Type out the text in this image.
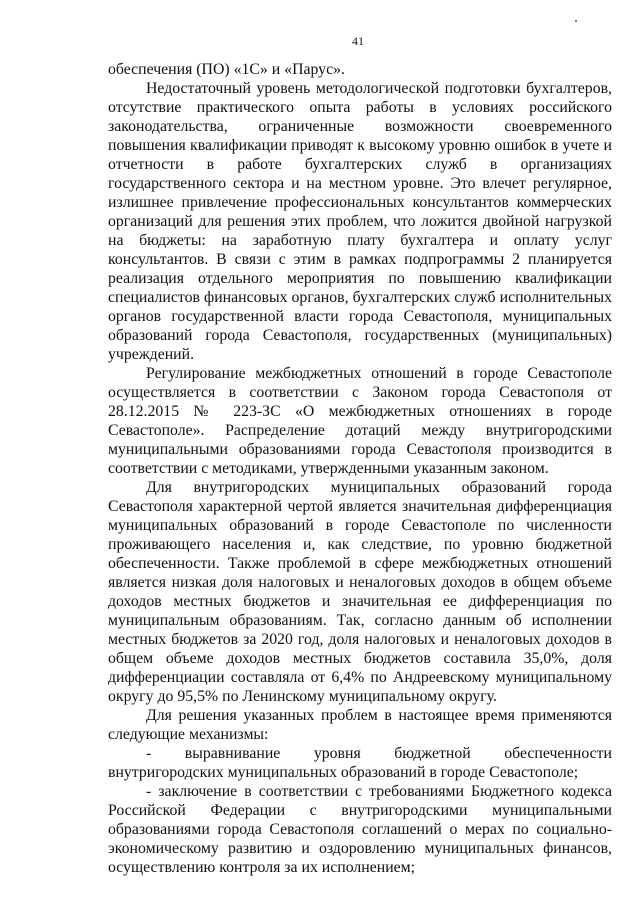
41

обеспечения (ПО) «1С» и «Парус».

Недостаточный уровень методологической подготовки бухгалтеров, отсутствие практического опыта работы в условиях российского законодательства, ограниченные возможности своевременного повышения квалификации приводят к высокому уровню ошибок в учете и отчетности в работе бухгалтерских служб в организациях государственного сектора и на местном уровне. Это влечет регулярное, излишнее привлечение профессиональных консультантов коммерческих организаций для решения этих проблем, что ложится двойной нагрузкой на бюджеты: на заработную плату бухгалтера и оплату услуг консультантов. В связи с этим в рамках подпрограммы 2 планируется реализация отдельного мероприятия по повышению квалификации специалистов финансовых органов, бухгалтерских служб исполнительных органов государственной власти города Севастополя, муниципальных образований города Севастополя, государственных (муниципальных) учреждений.

Регулирование межбюджетных отношений в городе Севастополе осуществляется в соответствии с Законом города Севастополя от 28.12.2015 № 223-ЗС «О межбюджетных отношениях в городе Севастополе». Распределение дотаций между внутригородскими муниципальными образованиями города Севастополя производится в соответствии с методиками, утвержденными указанным законом.

Для внутригородских муниципальных образований города Севастополя характерной чертой является значительная дифференциация муниципальных образований в городе Севастополе по численности проживающего населения и, как следствие, по уровню бюджетной обеспеченности. Также проблемой в сфере межбюджетных отношений является низкая доля налоговых и неналоговых доходов в общем объеме доходов местных бюджетов и значительная ее дифференциация по муниципальным образованиям. Так, согласно данным об исполнении местных бюджетов за 2020 год, доля налоговых и неналоговых доходов в общем объеме доходов местных бюджетов составила 35,0%, доля дифференциации составляла от 6,4% по Андреевскому муниципальному округу до 95,5% по Ленинскому муниципальному округу.

Для решения указанных проблем в настоящее время применяются следующие механизмы:

- выравнивание уровня бюджетной обеспеченности внутригородских муниципальных образований в городе Севастополе;

- заключение в соответствии с требованиями Бюджетного кодекса Российской Федерации с внутригородскими муниципальными образованиями города Севастополя соглашений о мерах по социально-экономическому развитию и оздоровлению муниципальных финансов, осуществлению контроля за их исполнением;
